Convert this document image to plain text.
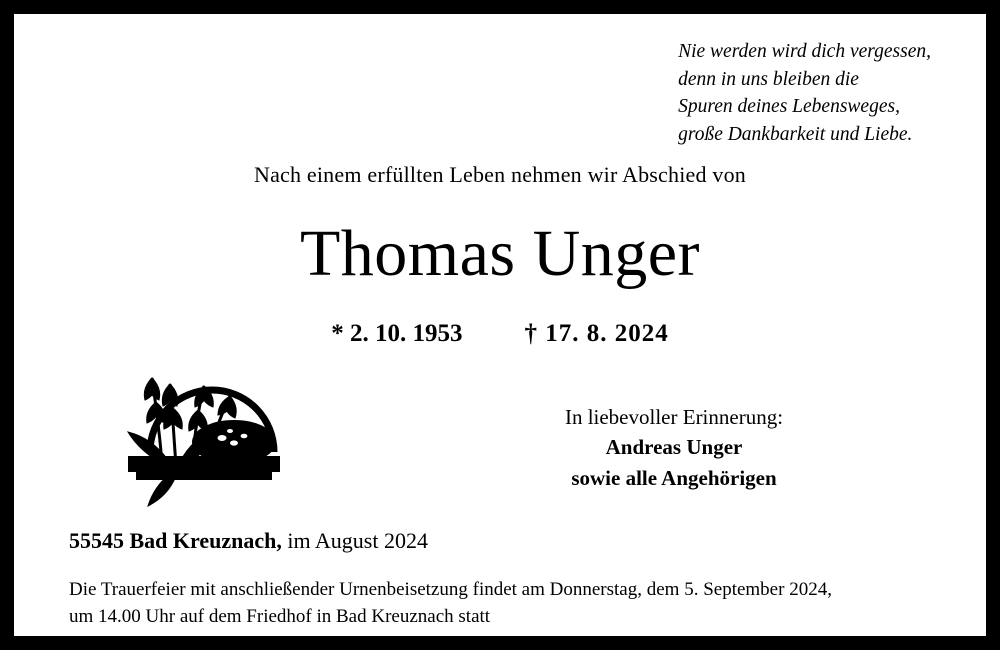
Nie werden wird dich vergessen,
denn in uns bleiben die
Spuren deines Lebensweges,
große Dankbarkeit und Liebe.
Nach einem erfüllten Leben nehmen wir Abschied von
Thomas Unger
* 2. 10. 1953 † 17. 8. 2024
In liebevoller Erinnerung:
Andreas Unger
sowie alle Angehörigen
55545 Bad Kreuznach, im August 2024
Die Trauerfeier mit anschließender Urnenbeisetzung findet am Donnerstag, dem 5. September 2024,
um 14.00 Uhr auf dem Friedhof in Bad Kreuznach statt
